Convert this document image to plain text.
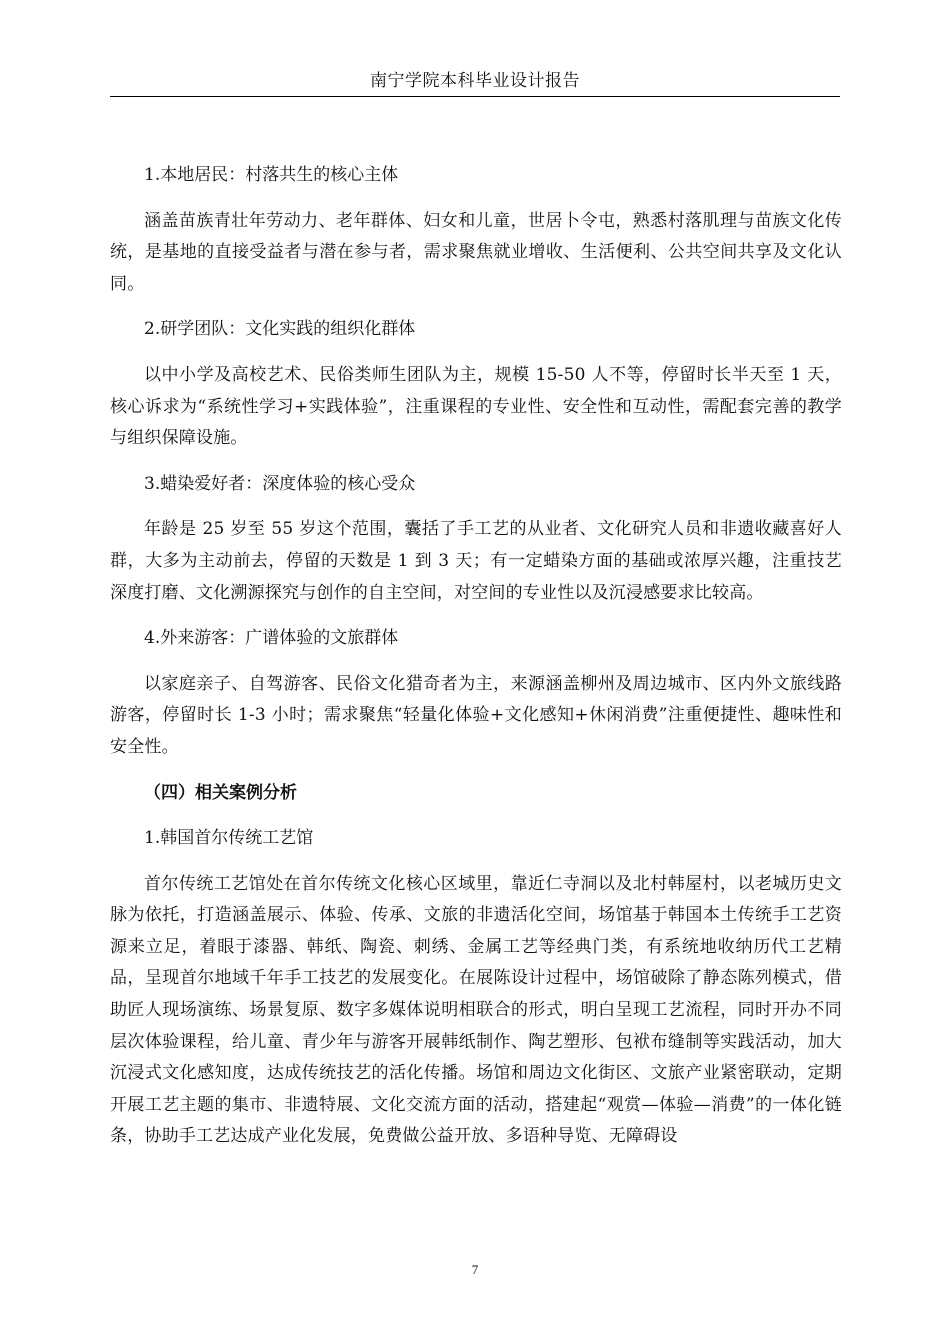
南宁学院本科毕业设计报告

1.本地居民：村落共生的核心主体

涵盖苗族青壮年劳动力、老年群体、妇女和儿童，世居卜令屯，熟悉村落肌理与苗族文化传统，是基地的直接受益者与潜在参与者，需求聚焦就业增收、生活便利、公共空间共享及文化认同。

2.研学团队：文化实践的组织化群体

以中小学及高校艺术、民俗类师生团队为主，规模 15-50 人不等，停留时长半天至 1 天，核心诉求为“系统性学习+实践体验”，注重课程的专业性、安全性和互动性，需配套完善的教学与组织保障设施。

3.蜡染爱好者：深度体验的核心受众

年龄是 25 岁至 55 岁这个范围，囊括了手工艺的从业者、文化研究人员和非遗收藏喜好人群，大多为主动前去，停留的天数是 1 到 3 天；有一定蜡染方面的基础或浓厚兴趣，注重技艺深度打磨、文化溯源探究与创作的自主空间，对空间的专业性以及沉浸感要求比较高。

4.外来游客：广谱体验的文旅群体

以家庭亲子、自驾游客、民俗文化猎奇者为主，来源涵盖柳州及周边城市、区内外文旅线路游客，停留时长 1-3 小时；需求聚焦“轻量化体验+文化感知+休闲消费”注重便捷性、趣味性和安全性。

（四）相关案例分析

1.韩国首尔传统工艺馆

首尔传统工艺馆处在首尔传统文化核心区域里，靠近仁寺洞以及北村韩屋村，以老城历史文脉为依托，打造涵盖展示、体验、传承、文旅的非遗活化空间，场馆基于韩国本土传统手工艺资源来立足，着眼于漆器、韩纸、陶瓷、刺绣、金属工艺等经典门类，有系统地收纳历代工艺精品，呈现首尔地域千年手工技艺的发展变化。在展陈设计过程中，场馆破除了静态陈列模式，借助匠人现场演练、场景复原、数字多媒体说明相联合的形式，明白呈现工艺流程，同时开办不同层次体验课程，给儿童、青少年与游客开展韩纸制作、陶艺塑形、包袱布缝制等实践活动，加大沉浸式文化感知度，达成传统技艺的活化传播。场馆和周边文化街区、文旅产业紧密联动，定期开展工艺主题的集市、非遗特展、文化交流方面的活动，搭建起“观赏—体验—消费”的一体化链条，协助手工艺达成产业化发展，免费做公益开放、多语种导览、无障碍设

7
